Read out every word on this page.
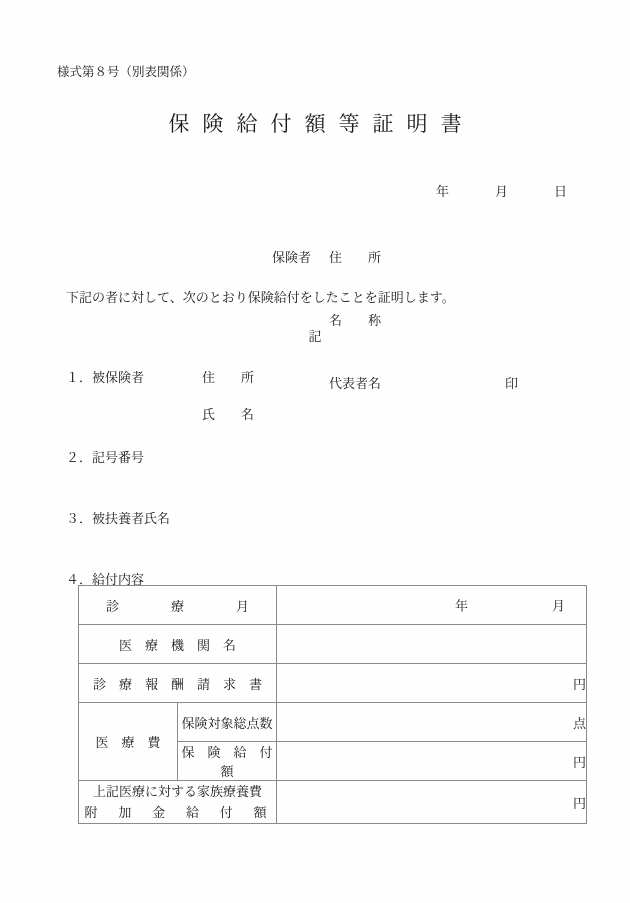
様式第８号（別表関係）
保険給付額等証明書

年	月	日

保険者

住　　所

名　　称

代表者名

	印

下記の者に対して、次のとおり保険給付をしたことを証明します。
記

１．被保険者

	住　　所

氏　　名

２．記号番号

３．被扶養者氏名

４．給付内容

診　　　　療　　　　月		年 月

医　療　機　関　名		
診　療　報　酬　請　求　書		円
医　療　費	保険対象総点数	点
	保　険　給　付　額	円

上記医療に対する家族療養費
附　加　金　給　付　額		円
